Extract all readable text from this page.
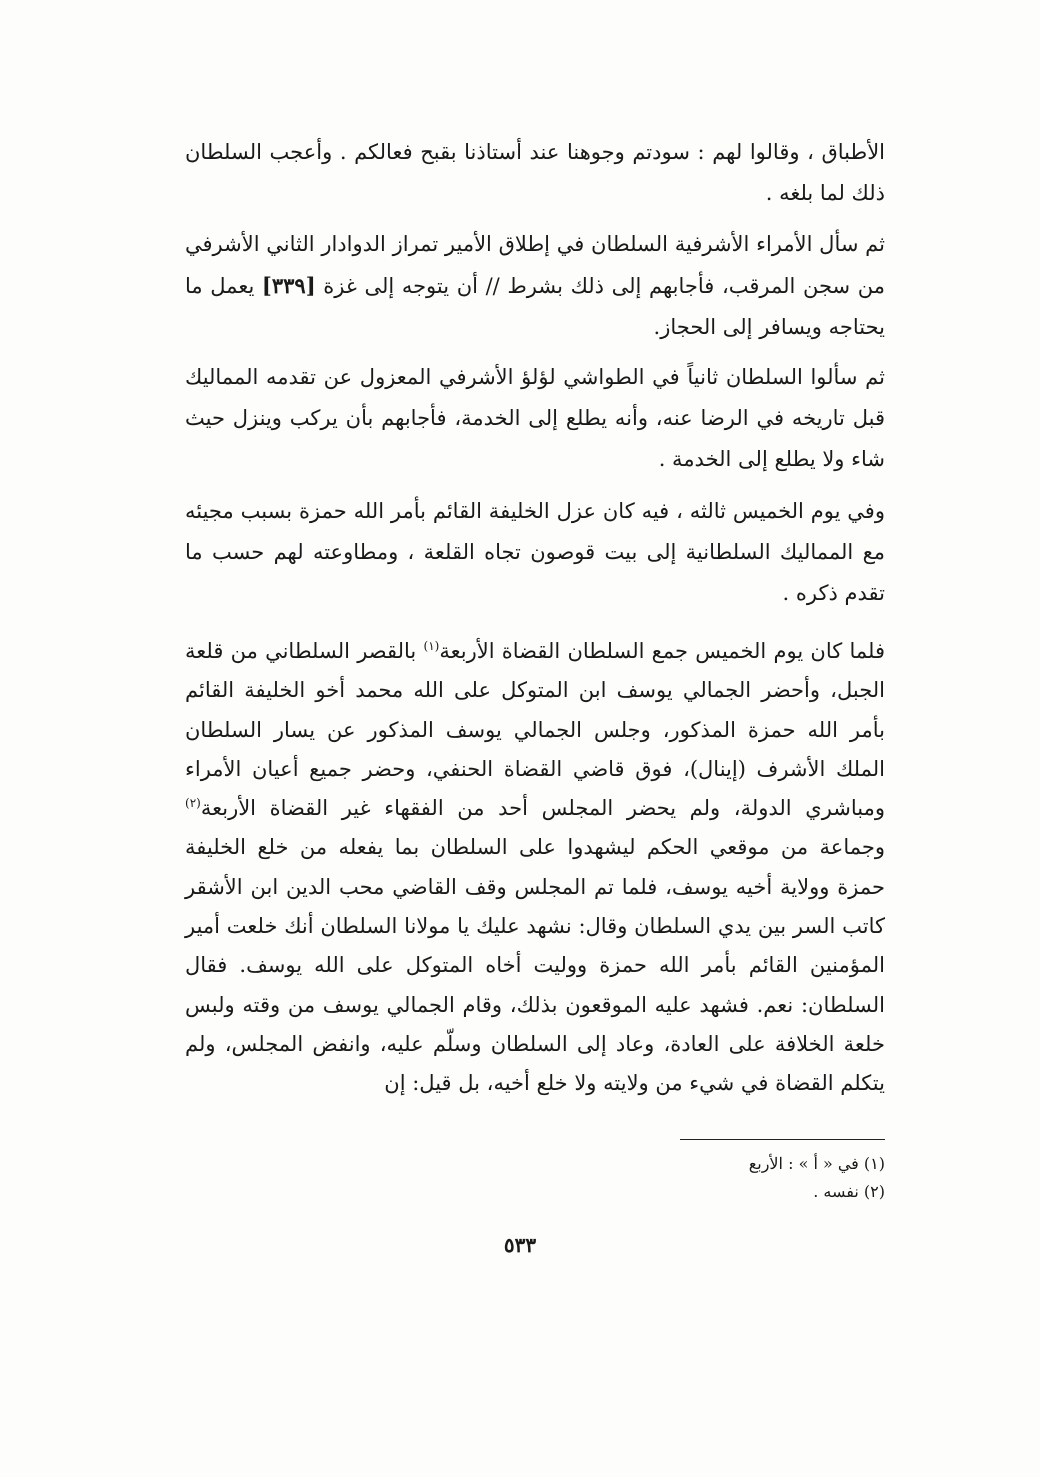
الأطباق ، وقالوا لهم : سودتم وجوهنا عند أستاذنا بقبح فعالكم . وأعجب السلطان ذلك لما بلغه .

ثم سأل الأمراء الأشرفية السلطان في إطلاق الأمير تمراز الدوادار الثاني الأشرفي من سجن المرقب، فأجابهم إلى ذلك بشرط // أن يتوجه إلى غزة [٣٣٩] يعمل ما يحتاجه ويسافر إلى الحجاز.

ثم سألوا السلطان ثانياً في الطواشي لؤلؤ الأشرفي المعزول عن تقدمه المماليك قبل تاريخه في الرضا عنه، وأنه يطلع إلى الخدمة، فأجابهم بأن يركب وينزل حيث شاء ولا يطلع إلى الخدمة .

وفي يوم الخميس ثالثه ، فيه كان عزل الخليفة القائم بأمر الله حمزة بسبب مجيئه مع المماليك السلطانية إلى بيت قوصون تجاه القلعة ، ومطاوعته لهم حسب ما تقدم ذكره .

فلما كان يوم الخميس جمع السلطان القضاة الأربعة$^{(١)}$ بالقصر السلطاني من قلعة الجبل، وأحضر الجمالي يوسف ابن المتوكل على الله محمد أخو الخليفة القائم بأمر الله حمزة المذكور، وجلس الجمالي يوسف المذكور عن يسار السلطان الملك الأشرف (إينال)، فوق قاضي القضاة الحنفي، وحضر جميع أعيان الأمراء ومباشري الدولة، ولم يحضر المجلس أحد من الفقهاء غير القضاة الأربعة$^{(٢)}$ وجماعة من موقعي الحكم ليشهدوا على السلطان بما يفعله من خلع الخليفة حمزة وولاية أخيه يوسف، فلما تم المجلس وقف القاضي محب الدين ابن الأشقر كاتب السر بين يدي السلطان وقال: نشهد عليك يا مولانا السلطان أنك خلعت أمير المؤمنين القائم بأمر الله حمزة ووليت أخاه المتوكل على الله يوسف. فقال السلطان: نعم. فشهد عليه الموقعون بذلك، وقام الجمالي يوسف من وقته ولبس خلعة الخلافة على العادة، وعاد إلى السلطان وسلّم عليه، وانفض المجلس، ولم يتكلم القضاة في شيء من ولايته ولا خلع أخيه، بل قيل: إن

(١) في « أ » : الأربع
(٢) نفسه .
٥٣٣
